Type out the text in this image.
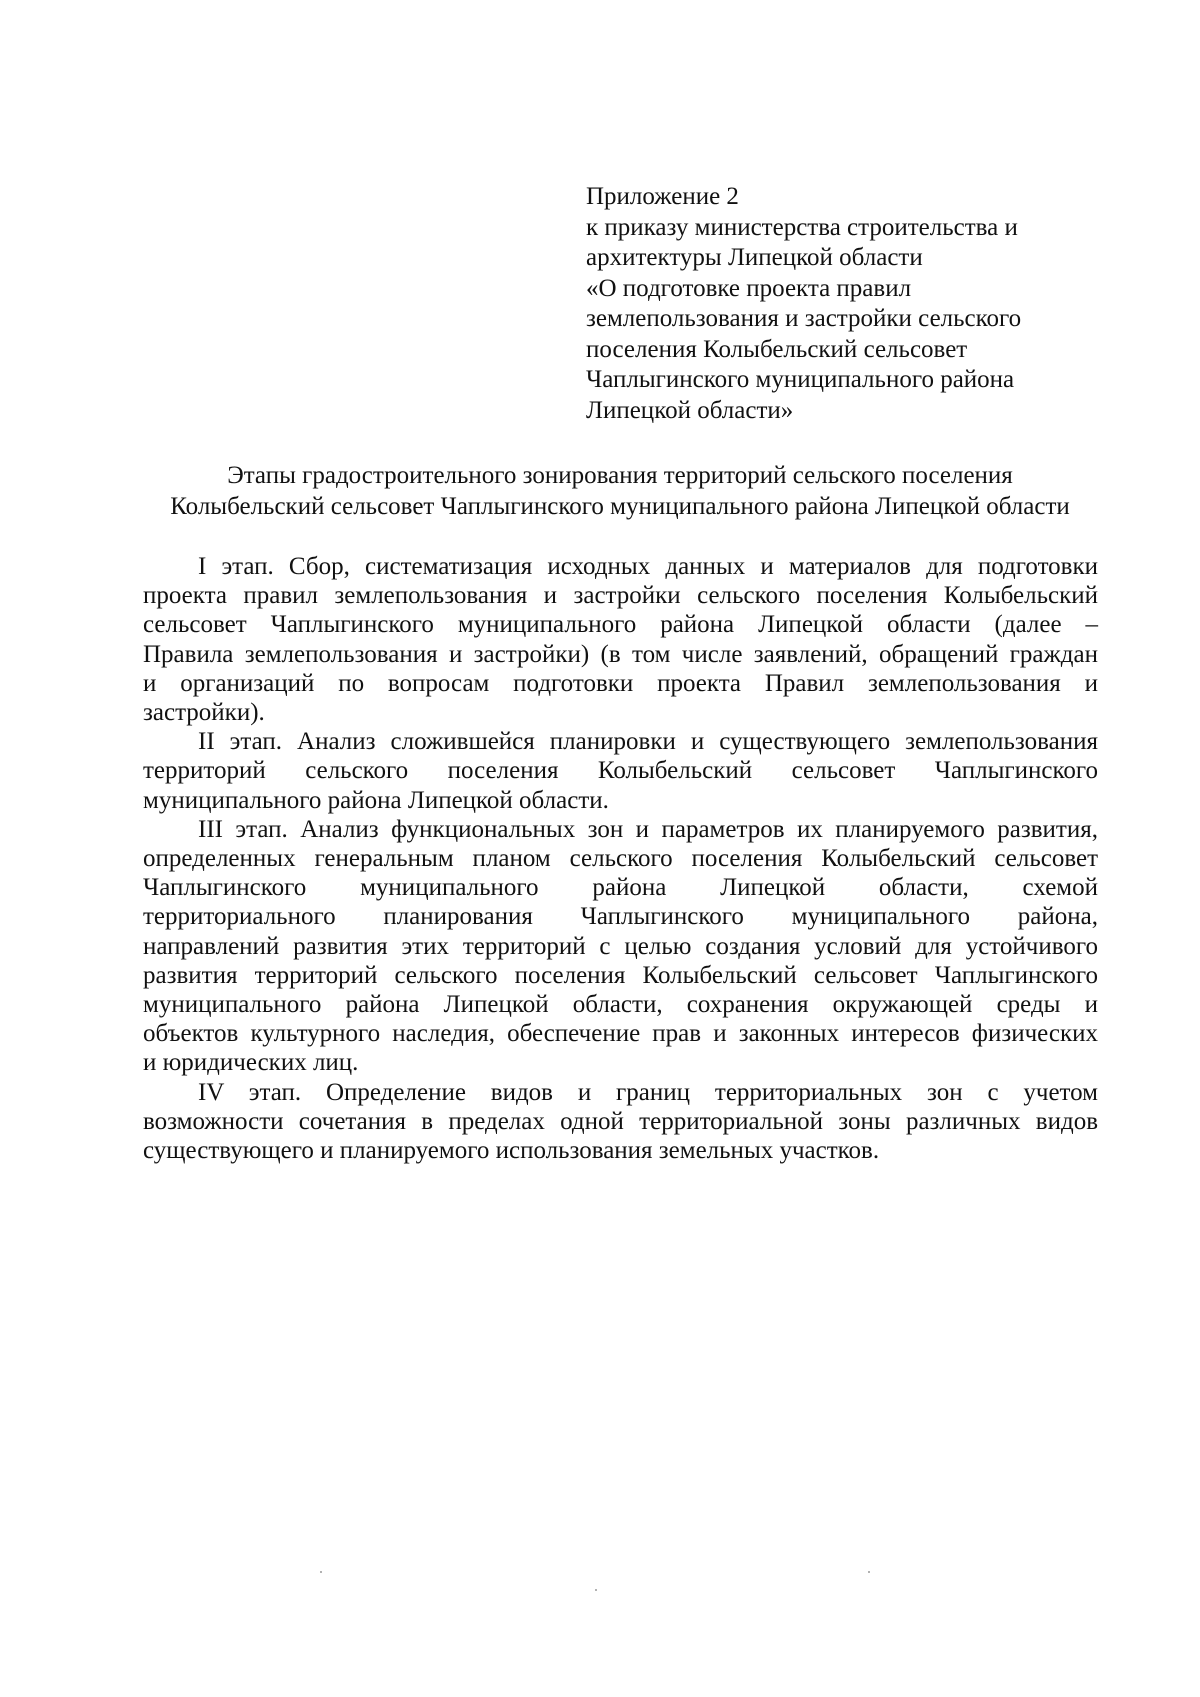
Приложение 2
к приказу министерства строительства и
архитектуры Липецкой области
«О подготовке проекта правил
землепользования и застройки сельского
поселения Колыбельский сельсовет
Чаплыгинского муниципального района
Липецкой области»
Этапы градостроительного зонирования территорий сельского поселения
Колыбельский сельсовет Чаплыгинского муниципального района Липецкой области
I этап. Сбор, систематизация исходных данных и материалов для подготовки
проекта правил землепользования и застройки сельского поселения Колыбельский
сельсовет Чаплыгинского муниципального района Липецкой области (далее –
Правила землепользования и застройки) (в том числе заявлений, обращений граждан
и организаций по вопросам подготовки проекта Правил землепользования и
застройки).
II этап. Анализ сложившейся планировки и существующего землепользования
территорий сельского поселения Колыбельский сельсовет Чаплыгинского
муниципального района Липецкой области.
III этап. Анализ функциональных зон и параметров их планируемого развития,
определенных генеральным планом сельского поселения Колыбельский сельсовет
Чаплыгинского муниципального района Липецкой области, схемой
территориального планирования Чаплыгинского муниципального района,
направлений развития этих территорий с целью создания условий для устойчивого
развития территорий сельского поселения Колыбельский сельсовет Чаплыгинского
муниципального района Липецкой области, сохранения окружающей среды и
объектов культурного наследия, обеспечение прав и законных интересов физических
и юридических лиц.
IV этап. Определение видов и границ территориальных зон с учетом
возможности сочетания в пределах одной территориальной зоны различных видов
существующего и планируемого использования земельных участков.
